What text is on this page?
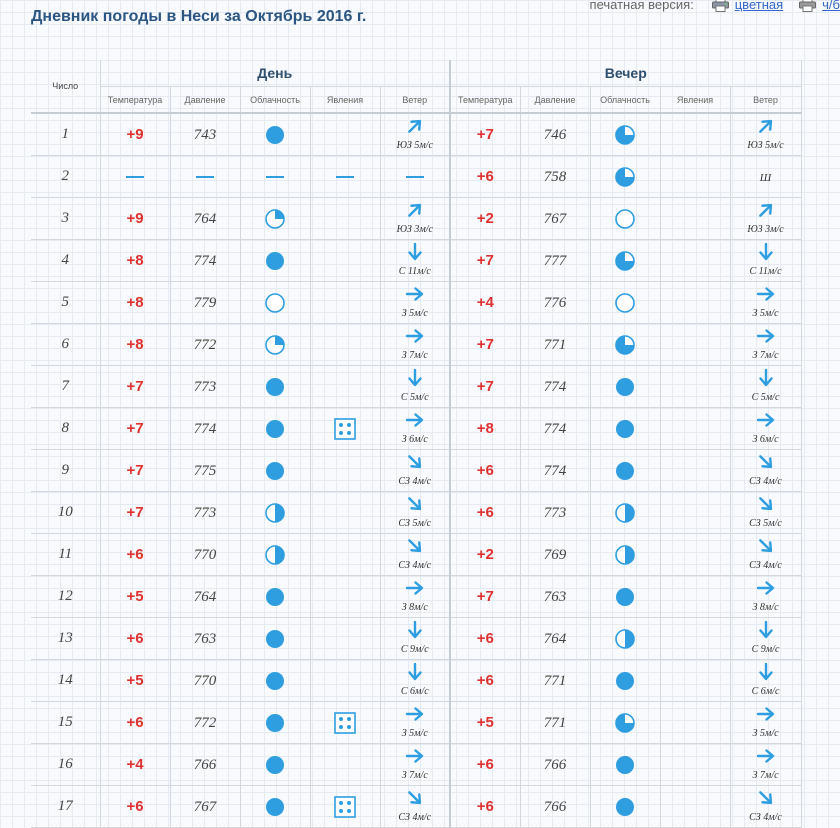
Дневник погоды в Неси за Октябрь 2016 г.
печатная версия:	цветная	ч/б
Число	День					Вечер				
	Температура	Давление	Облачность	Явления	Ветер	Температура	Давление	Облачность	Явления	Ветер
1	+9	743			ЮЗ 5м/с	+7	746			ЮЗ 5м/с
2						+6	758			Ш
3	+9	764			ЮЗ 3м/с	+2	767			ЮЗ 3м/с
4	+8	774			С 11м/с	+7	777			С 11м/с
5	+8	779			З 5м/с	+4	776			З 5м/с
6	+8	772			З 7м/с	+7	771			З 7м/с
7	+7	773			С 5м/с	+7	774			С 5м/с
8	+7	774			З 6м/с	+8	774			З 6м/с
9	+7	775			СЗ 4м/с	+6	774			СЗ 4м/с
10	+7	773			СЗ 5м/с	+6	773			СЗ 5м/с
11	+6	770			СЗ 4м/с	+2	769			СЗ 4м/с
12	+5	764			З 8м/с	+7	763			З 8м/с
13	+6	763			С 9м/с	+6	764			С 9м/с
14	+5	770			С 6м/с	+6	771			С 6м/с
15	+6	772			З 5м/с	+5	771			З 5м/с
16	+4	766			З 7м/с	+6	766			З 7м/с
17	+6	767			СЗ 4м/с	+6	766			СЗ 4м/с
